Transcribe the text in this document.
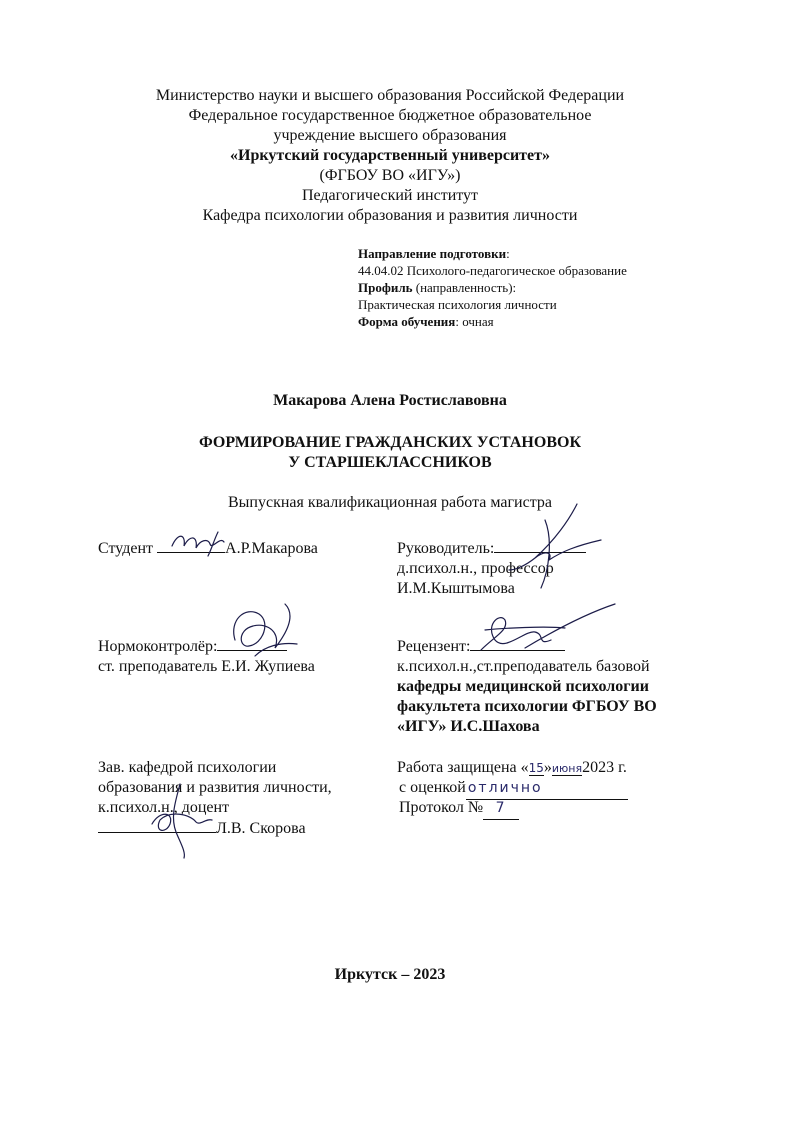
Министерство науки и высшего образования Российской Федерации
Федеральное государственное бюджетное образовательное
учреждение высшего образования
«Иркутский государственный университет»
(ФГБОУ ВО «ИГУ»)
Педагогический институт
Кафедра психологии образования и развития личности
Направление подготовки:
44.04.02 Психолого-педагогическое образование
Профиль (направленность):
Практическая психология личности
Форма обучения: очная
Макарова Алена Ростиславовна
ФОРМИРОВАНИЕ ГРАЖДАНСКИХ УСТАНОВОК
У СТАРШЕКЛАССНИКОВ
Выпускная квалификационная работа магистра
Студент	А.Р.Макарова	Руководитель:
д.психол.н., профессор
И.М.Кыштымова
Нормоконтролёр:
ст. преподаватель Е.И. Жупиева
Рецензент:
к.психол.н.,ст.преподаватель базовой
кафедры медицинской психологии
факультета психологии ФГБОУ ВО
«ИГУ» И.С.Шахова
Зав. кафедрой психологии
образования и развития личности,
к.психол.н., доцент
Л.В. Скорова
Работа защищена «15»июня2023 г.
с оценкой отлично
Протокол № 7
Иркутск – 2023
